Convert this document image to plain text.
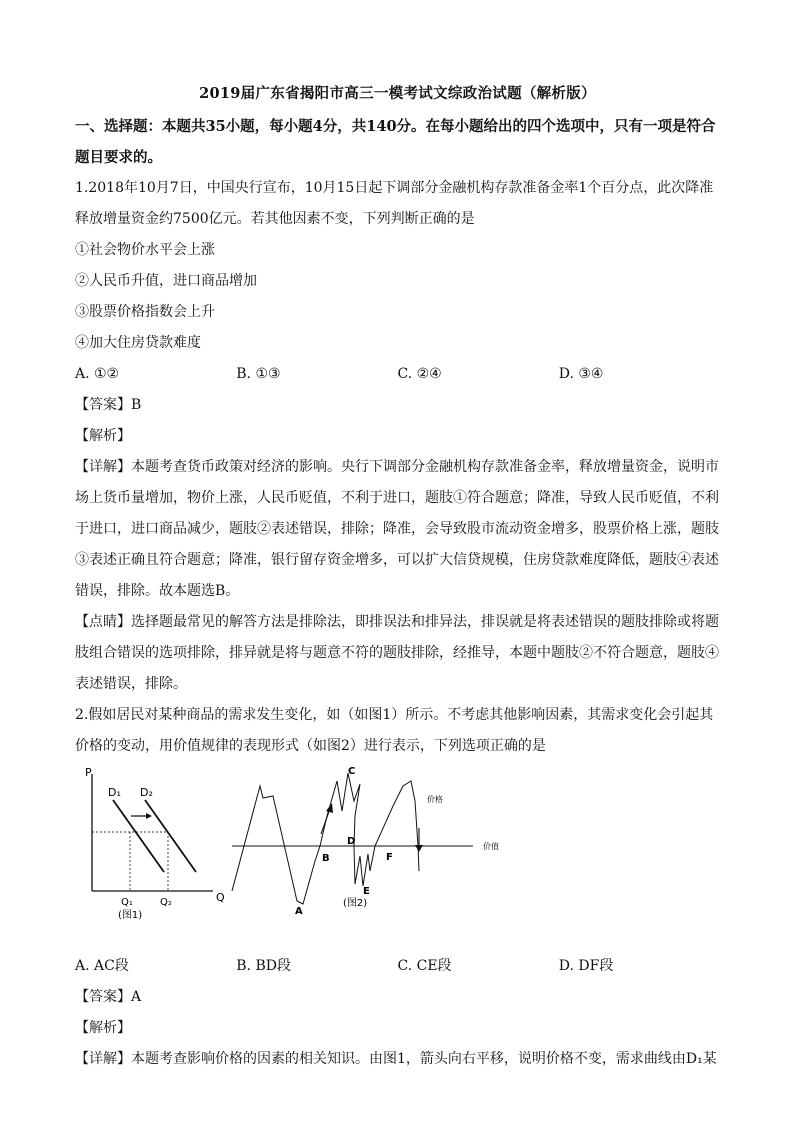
2019届广东省揭阳市高三一模考试文综政治试题（解析版）

一、选择题：本题共35小题，每小题4分，共140分。在每小题给出的四个选项中，只有一项是符合题目要求的。

1.2018年10月7日，中国央行宣布，10月15日起下调部分金融机构存款准备金率1个百分点，此次降准释放增量资金约7500亿元。若其他因素不变，下列判断正确的是

①社会物价水平会上涨

②人民币升值，进口商品增加

③股票价格指数会上升

④加大住房贷款难度

A. ①②	B. ①③	C. ②④	D. ③④

【答案】B

【解析】

【详解】本题考查货币政策对经济的影响。央行下调部分金融机构存款准备金率，释放增量资金，说明市场上货币量增加，物价上涨，人民币贬值，不利于进口，题肢①符合题意；降准，导致人民币贬值，不利于进口，进口商品减少，题肢②表述错误，排除；降准，会导致股市流动资金增多，股票价格上涨，题肢③表述正确且符合题意；降准，银行留存资金增多，可以扩大信贷规模，住房贷款难度降低，题肢④表述错误，排除。故本题选B。

【点睛】选择题最常见的解答方法是排除法，即排误法和排异法，排误就是将表述错误的题肢排除或将题肢组合错误的选项排除，排异就是将与题意不符的题肢排除，经推导，本题中题肢②不符合题意，题肢④表述错误，排除。

2.假如居民对某种商品的需求发生变化，如（如图1）所示。不考虑其他影响因素，其需求变化会引起其价格的变动，用价值规律的表现形式（如图2）进行表示，下列选项正确的是

P
Q
D₁ D₂
Q₁	Q₂
(图1)	A
B
C
D
E
F
价格
价值
(图2)
A. AC段	B. BD段	C. CE段	D. DF段

【答案】A

【解析】

【详解】本题考查影响价格的因素的相关知识。由图1，箭头向右平移，说明价格不变，需求曲线由D₁某
